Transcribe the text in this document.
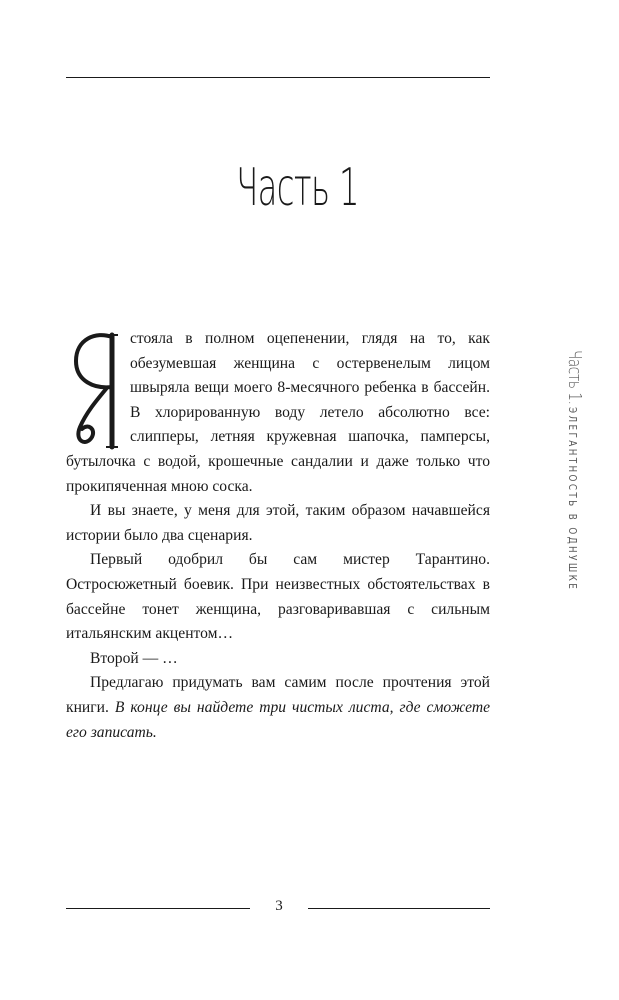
Часть 1

стояла в полном оцепенении, глядя на то, как обезумевшая женщина с остервенелым лицом швыряла вещи моего 8-месячного ребенка в бассейн. В хлорированную воду летело абсолютно все: слипперы, летняя кружевная шапочка, памперсы, бутылочка с водой, крошечные сандалии и даже только что прокипяченная мною соска.

И вы знаете, у меня для этой, таким образом начавшейся истории было два сценария.

Первый одобрил бы сам мистер Тарантино. Остросюжетный боевик. При неизвестных обстоятельствах в бассейне тонет женщина, разговаривавшая с сильным итальянским акцентом…

Второй — …

Предлагаю придумать вам самим после прочтения этой книги. В конце вы найдете три чистых листа, где сможете его записать.

Часть 1.ЭЛЕГАНТНОСТЬ В ОДНУШКЕ
3
